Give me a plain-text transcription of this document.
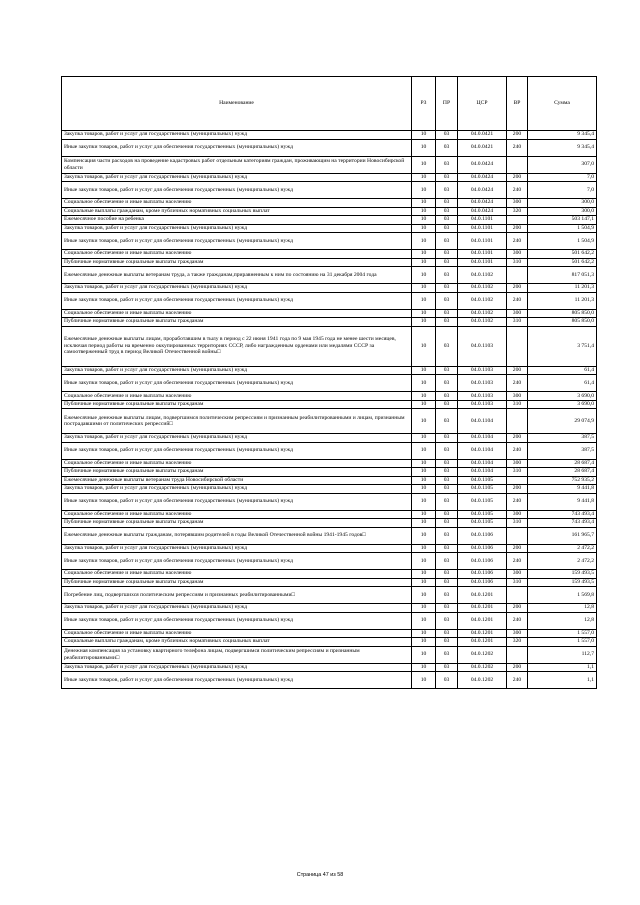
Наименование	РЗ	ПР	ЦСР	ВР	Сумма
Закупка товаров, работ и услуг для государственных (муниципальных) нужд	10	03	04.0.0421	200	9 345,4
Иные закупки товаров, работ и услуг для обеспечения государственных (муниципальных) нужд	10	03	04.0.0421	240	9 345,4
Компенсация части расходов на проведение кадастровых работ отдельным категориям граждан, проживающим на территории Новосибирской области	10	03	04.0.0424		307,0
Закупка товаров, работ и услуг для государственных (муниципальных) нужд	10	03	04.0.0424	200	7,0
Иные закупки товаров, работ и услуг для обеспечения государственных (муниципальных) нужд	10	03	04.0.0424	240	7,0
Социальное обеспечение и иные выплаты населению	10	03	04.0.0424	300	300,0
Социальные выплаты гражданам, кроме публичных нормативных социальных выплат	10	03	04.0.0424	320	300,0
Ежемесячное пособие на ребенка	10	03	04.0.1101		503 147,1
Закупка товаров, работ и услуг для государственных (муниципальных) нужд	10	03	04.0.1101	200	1 504,9
Иные закупки товаров, работ и услуг для обеспечения государственных (муниципальных) нужд	10	03	04.0.1101	240	1 504,9
Социальное обеспечение и иные выплаты населению	10	03	04.0.1101	300	501 642,2
Публичные нормативные социальные выплаты гражданам	10	03	04.0.1101	310	501 642,2
Ежемесячные денежные выплаты ветеранам труда, а также гражданам,приравненным к ним по состоянию на 31 декабря 2004 года	10	03	04.0.1102		817 051,3
Закупка товаров, работ и услуг для государственных (муниципальных) нужд	10	03	04.0.1102	200	11 201,3
Иные закупки товаров, работ и услуг для обеспечения государственных (муниципальных) нужд	10	03	04.0.1102	240	11 201,3
Социальное обеспечение и иные выплаты населению	10	03	04.0.1102	300	805 850,0
Публичные нормативные социальные выплаты гражданам	10	03	04.0.1102	310	805 850,0
Ежемесячные денежные выплаты лицам, проработавшим в тылу в период с 22 июня 1941 года по 9 мая 1945 года не менее шести месяцев, исключая период работы на временно оккупированных территориях СССР, либо награжденным орденами или медалями СССР за самоотверженный труд в период Великой Отечественной войны□	10	03	04.0.1103		3 751,4
Закупка товаров, работ и услуг для государственных (муниципальных) нужд	10	03	04.0.1103	200	61,4
Иные закупки товаров, работ и услуг для обеспечения государственных (муниципальных) нужд	10	03	04.0.1103	240	61,4
Социальное обеспечение и иные выплаты населению	10	03	04.0.1103	300	3 690,0
Публичные нормативные социальные выплаты гражданам	10	03	04.0.1103	310	3 690,0
Ежемесячные денежные выплаты лицам, подвергшимся политическим репрессиям и признанным реабилитированными и лицам, признанным пострадавшими от политических репрессий□	10	03	04.0.1104		29 074,9
Закупка товаров, работ и услуг для государственных (муниципальных) нужд	10	03	04.0.1104	200	387,5
Иные закупки товаров, работ и услуг для обеспечения государственных (муниципальных) нужд	10	03	04.0.1104	240	387,5
Социальное обеспечение и иные выплаты населению	10	03	04.0.1104	300	28 687,4
Публичные нормативные социальные выплаты гражданам	10	03	04.0.1104	310	28 687,4
Ежемесячные денежные выплаты ветеранам труда Новосибирской области	10	03	04.0.1105		752 935,2
Закупка товаров, работ и услуг для государственных (муниципальных) нужд	10	03	04.0.1105	200	9 441,8
Иные закупки товаров, работ и услуг для обеспечения государственных (муниципальных) нужд	10	03	04.0.1105	240	9 441,8
Социальное обеспечение и иные выплаты населению	10	03	04.0.1105	300	743 493,4
Публичные нормативные социальные выплаты гражданам	10	03	04.0.1105	310	743 493,4
Ежемесячные денежные выплаты гражданам, потерявшим родителей в годы Великой Отечественной войны 1941-1945 годов□	10	03	04.0.1106		161 965,7
Закупка товаров, работ и услуг для государственных (муниципальных) нужд	10	03	04.0.1106	200	2 472,2
Иные закупки товаров, работ и услуг для обеспечения государственных (муниципальных) нужд	10	03	04.0.1106	240	2 472,2
Социальное обеспечение и иные выплаты населению	10	03	04.0.1106	300	159 493,5
Публичные нормативные социальные выплаты гражданам	10	03	04.0.1106	310	159 493,5
Погребение лиц, подвергшихся политическим репрессиям и признанных реабилитированными□	10	03	04.0.1201		1 569,8
Закупка товаров, работ и услуг для государственных (муниципальных) нужд	10	03	04.0.1201	200	12,8
Иные закупки товаров, работ и услуг для обеспечения государственных (муниципальных) нужд	10	03	04.0.1201	240	12,8
Социальное обеспечение и иные выплаты населению	10	03	04.0.1201	300	1 557,0
Социальные выплаты гражданам, кроме публичных нормативных социальных выплат	10	03	04.0.1201	320	1 557,0
Денежная компенсация за установку квартирного телефона лицам, подвергшимся политическим репрессиям и признанным реабилитированными□	10	03	04.0.1202		112,7
Закупка товаров, работ и услуг для государственных (муниципальных) нужд	10	03	04.0.1202	200	1,1
Иные закупки товаров, работ и услуг для обеспечения государственных (муниципальных) нужд	10	03	04.0.1202	240	1,1
Страница 47 из 58
